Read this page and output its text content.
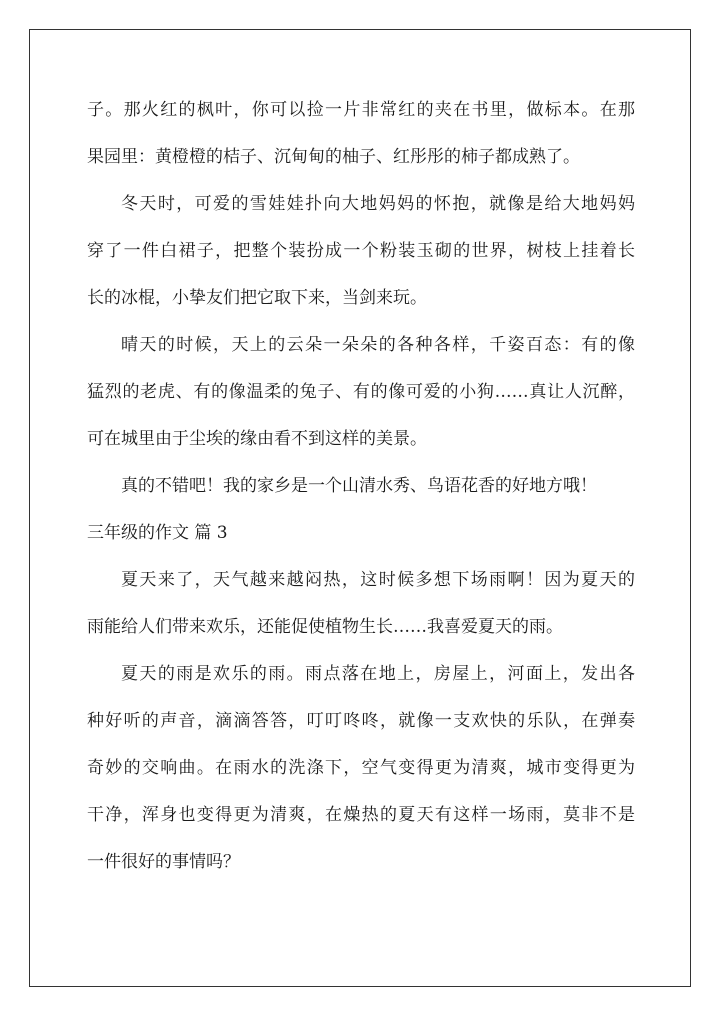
子。那火红的枫叶，你可以捡一片非常红的夹在书里，做标本。在那
果园里：黄橙橙的桔子、沉甸甸的柚子、红彤彤的柿子都成熟了。
冬天时，可爱的雪娃娃扑向大地妈妈的怀抱，就像是给大地妈妈
穿了一件白裙子，把整个装扮成一个粉装玉砌的世界，树枝上挂着长
长的冰棍，小挚友们把它取下来，当剑来玩。
晴天的时候，天上的云朵一朵朵的各种各样，千姿百态：有的像
猛烈的老虎、有的像温柔的兔子、有的像可爱的小狗……真让人沉醉，
可在城里由于尘埃的缘由看不到这样的美景。
真的不错吧！我的家乡是一个山清水秀、鸟语花香的好地方哦！
三年级的作文 篇 3
夏天来了，天气越来越闷热，这时候多想下场雨啊！因为夏天的
雨能给人们带来欢乐，还能促使植物生长……我喜爱夏天的雨。
夏天的雨是欢乐的雨。雨点落在地上，房屋上，河面上，发出各
种好听的声音，滴滴答答，叮叮咚咚，就像一支欢快的乐队，在弹奏
奇妙的交响曲。在雨水的洗涤下，空气变得更为清爽，城市变得更为
干净，浑身也变得更为清爽，在燥热的夏天有这样一场雨，莫非不是
一件很好的事情吗？
